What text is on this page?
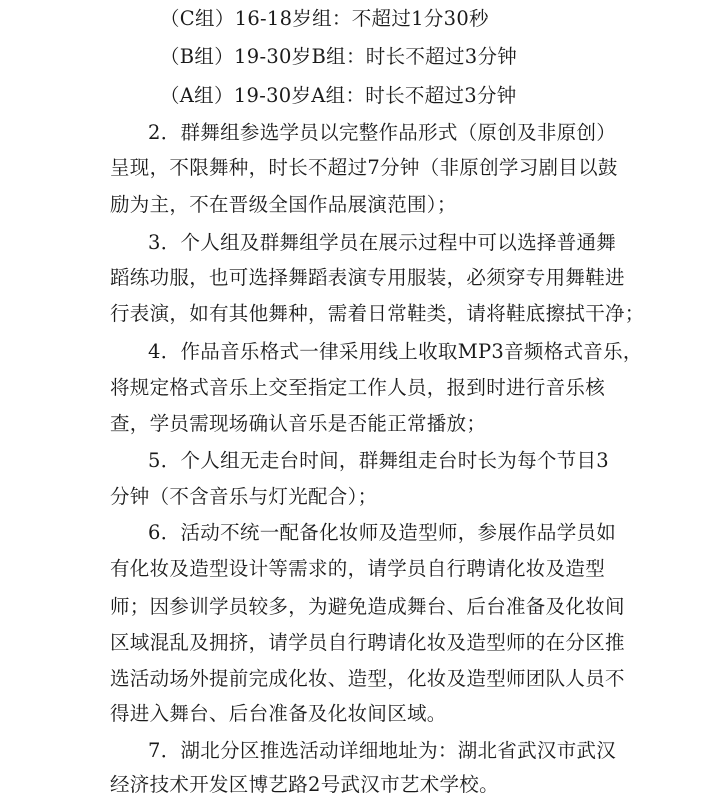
（C组）16-18岁组：不超过1分30秒
（B组）19-30岁B组：时长不超过3分钟
（A组）19-30岁A组：时长不超过3分钟
2．群舞组参选学员以完整作品形式（原创及非原创）
呈现，不限舞种，时长不超过7分钟（非原创学习剧目以鼓
励为主，不在晋级全国作品展演范围）；
3．个人组及群舞组学员在展示过程中可以选择普通舞
蹈练功服，也可选择舞蹈表演专用服装，必须穿专用舞鞋进
行表演，如有其他舞种，需着日常鞋类，请将鞋底擦拭干净；
4．作品音乐格式一律采用线上收取MP3音频格式音乐，
将规定格式音乐上交至指定工作人员，报到时进行音乐核
查，学员需现场确认音乐是否能正常播放；
5．个人组无走台时间，群舞组走台时长为每个节目3
分钟（不含音乐与灯光配合）；
6．活动不统一配备化妆师及造型师，参展作品学员如
有化妆及造型设计等需求的，请学员自行聘请化妆及造型
师；因参训学员较多，为避免造成舞台、后台准备及化妆间
区域混乱及拥挤，请学员自行聘请化妆及造型师的在分区推
选活动场外提前完成化妆、造型，化妆及造型师团队人员不
得进入舞台、后台准备及化妆间区域。
7．湖北分区推选活动详细地址为：湖北省武汉市武汉
经济技术开发区博艺路2号武汉市艺术学校。
